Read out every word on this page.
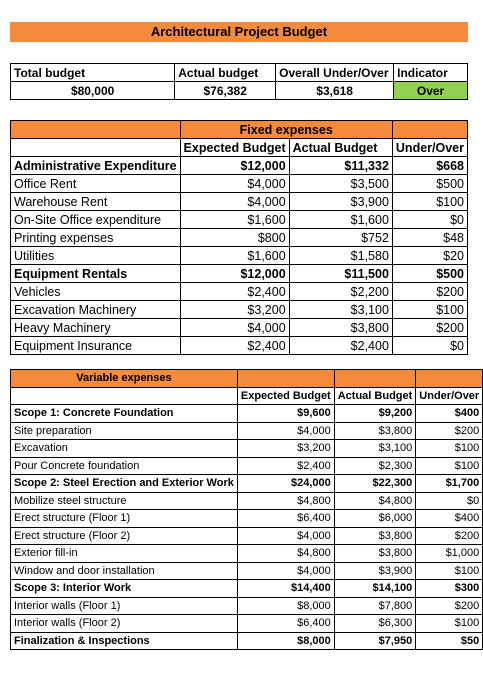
Architectural Project Budget
Total budget	Actual budget	Overall Under/Over	Indicator
$80,000	$76,382	$3,618	Over
	Fixed expenses		
	Expected Budget	Actual Budget	Under/Over
Administrative Expenditure	$12,000	$11,332	$668
Office Rent	$4,000	$3,500	$500
Warehouse Rent	$4,000	$3,900	$100
On-Site Office expenditure	$1,600	$1,600	$0
Printing expenses	$800	$752	$48
Utilities	$1,600	$1,580	$20
Equipment Rentals	$12,000	$11,500	$500
Vehicles	$2,400	$2,200	$200
Excavation Machinery	$3,200	$3,100	$100
Heavy Machinery	$4,000	$3,800	$200
Equipment Insurance	$2,400	$2,400	$0
Variable expenses			
	Expected Budget	Actual Budget	Under/Over
Scope 1: Concrete Foundation	$9,600	$9,200	$400
Site preparation	$4,000	$3,800	$200
Excavation	$3,200	$3,100	$100
Pour Concrete foundation	$2,400	$2,300	$100
Scope 2: Steel Erection and Exterior Work	$24,000	$22,300	$1,700
Mobilize steel structure	$4,800	$4,800	$0
Erect structure (Floor 1)	$6,400	$6,000	$400
Erect structure (Floor 2)	$4,000	$3,800	$200
Exterior fill-in	$4,800	$3,800	$1,000
Window and door installation	$4,000	$3,900	$100
Scope 3: Interior Work	$14,400	$14,100	$300
Interior walls (Floor 1)	$8,000	$7,800	$200
Interior walls (Floor 2)	$6,400	$6,300	$100
Finalization & Inspections	$8,000	$7,950	$50
